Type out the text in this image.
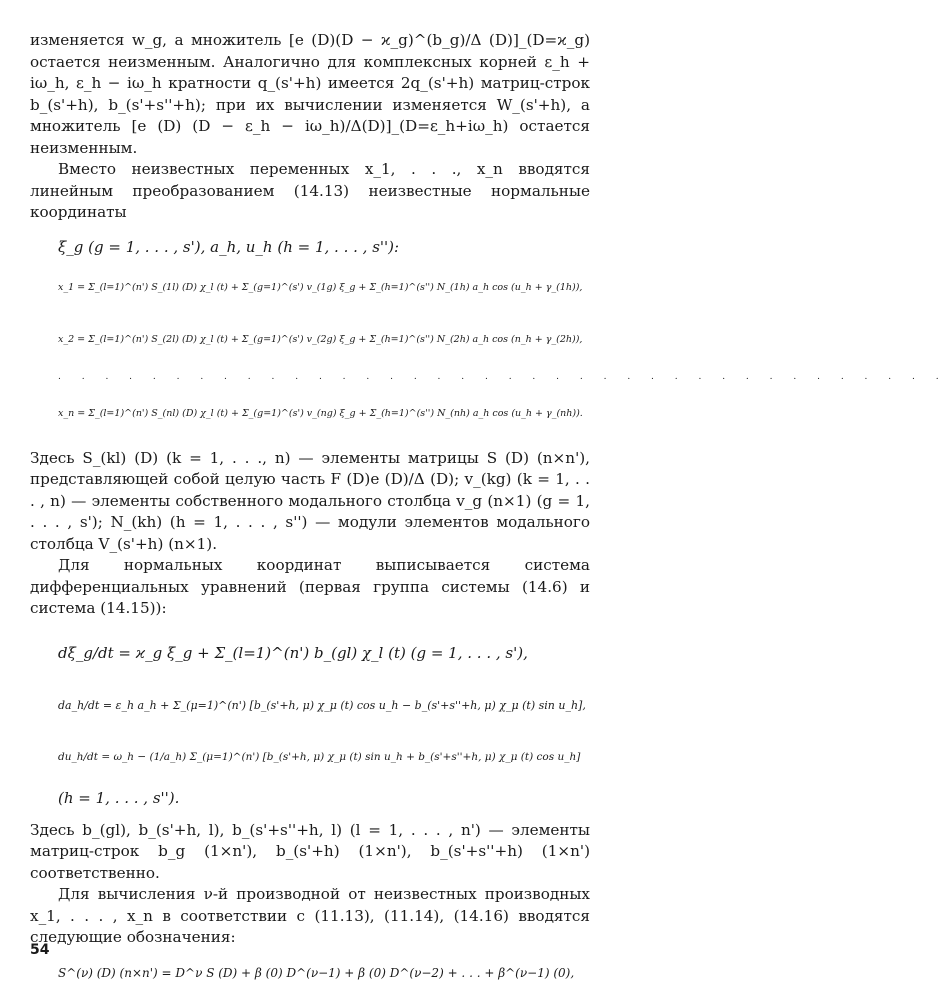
изменяется w_g, а множитель [e (D)(D − ϰ_g)^(b_g)/Δ (D)]_(D=ϰ_g) остается неизменным. Аналогично для комплексных корней ε_h + iω_h, ε_h − iω_h кратности q_(s'+h) имеется 2q_(s'+h) матриц-строк b_(s'+h), b_(s'+s''+h); при их вычислении изменяется W_(s'+h), а множитель [e (D) (D − ε_h − iω_h)/Δ(D)]_(D=ε_h+iω_h) остается неизменным.

Вместо неизвестных переменных x_1, . . ., x_n вводятся линейным преобразованием (14.13) неизвестные нормальные координаты

ξ_g (g = 1, . . . , s'), a_h, u_h (h = 1, . . . , s''):
x_1 = Σ_(l=1)^(n') S_(1l) (D) χ_l (t) + Σ_(g=1)^(s') v_(1g) ξ_g + Σ_(h=1)^(s'') N_(1h) a_h cos (u_h + γ_(1h)),
x_2 = Σ_(l=1)^(n') S_(2l) (D) χ_l (t) + Σ_(g=1)^(s') v_(2g) ξ_g + Σ_(h=1)^(s'') N_(2h) a_h cos (n_h + γ_(2h)),
. . . . . . . . . . . . . . . . . . . . . . . . . . . . . . . . . . . . . .
x_n = Σ_(l=1)^(n') S_(nl) (D) χ_l (t) + Σ_(g=1)^(s') v_(ng) ξ_g + Σ_(h=1)^(s'') N_(nh) a_h cos (u_h + γ_(nh)).

Здесь S_(kl) (D) (k = 1, . . ., n) — элементы матрицы S (D) (n×n'), представляющей собой целую часть F (D)e (D)/Δ (D); v_(kg) (k = 1, . . . , n) — элементы собственного модального столбца v_g (n×1) (g = 1, . . . , s'); N_(kh) (h = 1, . . . , s'') — модули элементов модального столбца V_(s'+h) (n×1).

Для нормальных координат выписывается система дифференциальных уравнений (первая группа системы (14.6) и система (14.15)):

dξ_g/dt = ϰ_g ξ_g + Σ_(l=1)^(n') b_(gl) χ_l (t) (g = 1, . . . , s'),
da_h/dt = ε_h a_h + Σ_(μ=1)^(n') [b_(s'+h, μ) χ_μ (t) cos u_h − b_(s'+s''+h, μ) χ_μ (t) sin u_h],
du_h/dt = ω_h − (1/a_h) Σ_(μ=1)^(n') [b_(s'+h, μ) χ_μ (t) sin u_h + b_(s'+s''+h, μ) χ_μ (t) cos u_h]
(h = 1, . . . , s'').

Здесь b_(gl), b_(s'+h, l), b_(s'+s''+h, l) (l = 1, . . . , n') — элементы матриц-строк b_g (1×n'), b_(s'+h) (1×n'), b_(s'+s''+h) (1×n') соответственно.

Для вычисления ν-й производной от неизвестных производных x_1, . . . , x_n в соответствии с (11.13), (11.14), (14.16) вводятся следующие обозначения:

S^(ν) (D) (n×n') = D^ν S (D) + β (0) D^(ν−1) + β (0) D^(ν−2) + . . . + β^(ν−1) (0),
54
